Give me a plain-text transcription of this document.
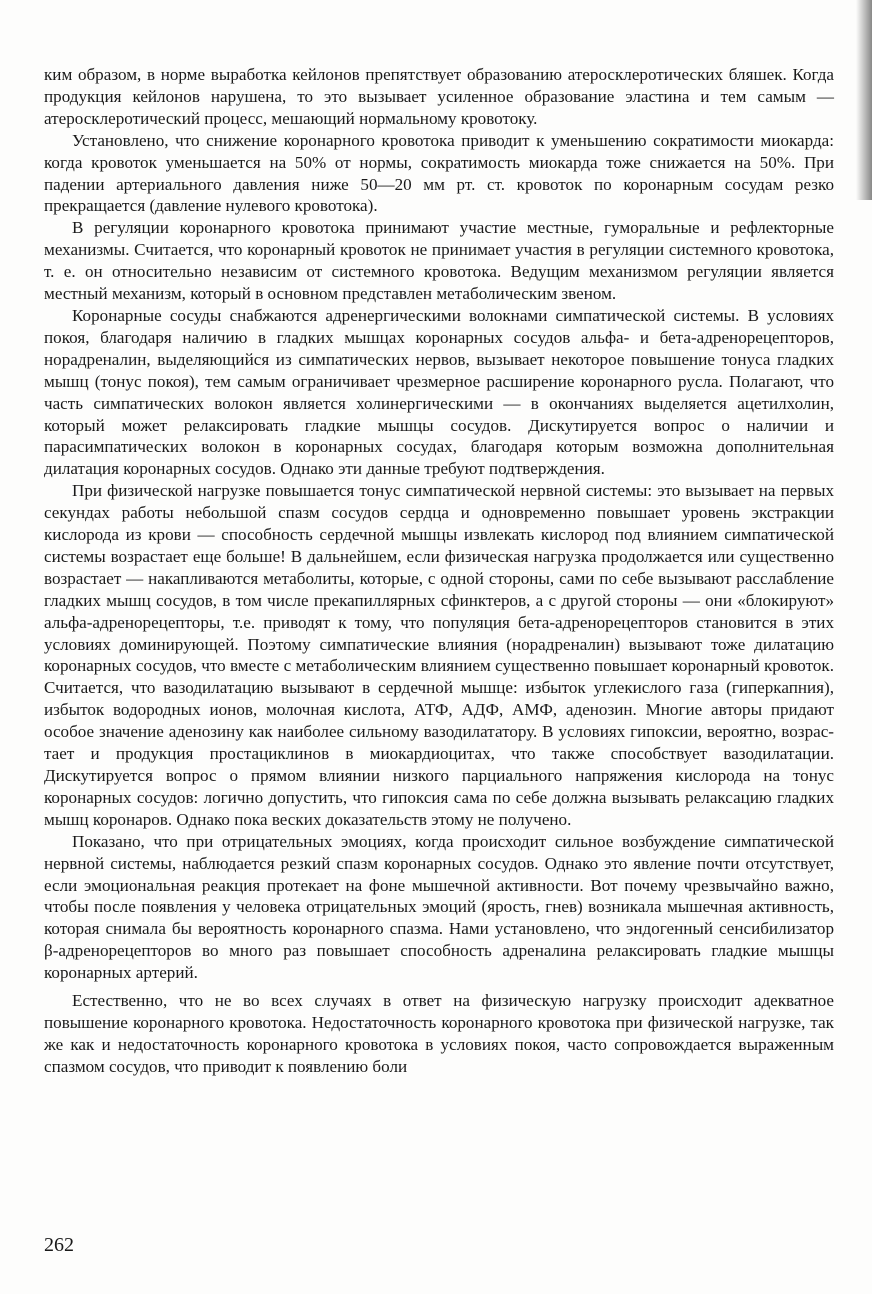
ким образом, в норме выработка кейлонов препятствует образованию атеросклеротических бляшек. Когда продукция кейлонов нарушена, то это вызывает усиленное образование эластина и тем самым — атеросклеротический процесс, мешающий нормальному кровотоку.

Установлено, что снижение коронарного кровотока приводит к уменьшению сократимости миокарда: когда кровоток уменьшается на 50% от нормы, сократимость миокарда тоже снижается на 50%. При падении артериального давления ниже 50—20 мм рт. ст. кровоток по коронарным сосудам резко прекращается (давление нулевого кровотока).

В регуляции коронарного кровотока принимают участие местные, гуморальные и рефлекторные механизмы. Считается, что коронарный кровоток не принимает участия в регуляции системного кровотока, т. е. он относительно независим от системного кровотока. Ведущим механизмом регуляции является местный механизм, который в основном представлен метаболическим звеном.

Коронарные сосуды снабжаются адренергическими волокнами симпатической системы. В условиях покоя, благодаря наличию в гладких мышцах коронарных сосудов альфа- и бета-адренорецепторов, норадреналин, выделяющийся из симпатических нервов, вызывает некоторое повышение тонуса гладких мышц (тонус покоя), тем самым ограничивает чрезмерное расширение коронарного русла. Полагают, что часть симпатических волокон является холинергическими — в окончаниях выделяется ацетилхолин, который может релаксировать гладкие мышцы сосудов. Дискутируется вопрос о наличии и парасимпатических волокон в коронарных сосудах, благодаря которым возможна дополнительная дилатация коронарных сосудов. Однако эти данные требуют подтверждения.

При физической нагрузке повышается тонус симпатической нервной системы: это вызывает на первых секундах работы небольшой спазм сосудов сердца и одновременно повышает уровень экстракции кислорода из крови — способность сердечной мышцы извлекать кислород под влиянием симпатической системы возрастает еще больше! В дальнейшем, если физическая нагрузка продолжается или существенно возрастает — накапливаются метаболиты, которые, с одной стороны, сами по себе вызывают расслабление гладких мышц сосудов, в том числе прекапиллярных сфинктеров, а с другой стороны — они «блокируют» альфа-адренорецепторы, т.е. приводят к тому, что популяция бета-адренорецепторов становится в этих условиях доминирующей. Поэтому симпатические влияния (норадреналин) вызывают тоже дилатацию коронарных сосудов, что вместе с метаболическим влиянием существенно повышает коронарный кровоток. Считается, что вазодилатацию вызывают в сердечной мышце: избыток углекислого газа (гиперкапния), избыток водородных ионов, молочная кислота, АТФ, АДФ, АМФ, аденозин. Многие авторы придают особое значение аденозину как наиболее сильному вазодилататору. В условиях гипоксии, вероятно, возрастает и продукция простациклинов в миокардиоцитах, что также способствует вазодилатации. Дискутируется вопрос о прямом влиянии низкого парциального напряжения кислорода на тонус коронарных сосудов: логично допустить, что гипоксия сама по себе должна вызывать релаксацию гладких мышц коронаров. Однако пока веских доказательств этому не получено.

Показано, что при отрицательных эмоциях, когда происходит сильное возбуждение симпатической нервной системы, наблюдается резкий спазм коронарных сосудов. Однако это явление почти отсутствует, если эмоциональная реакция протекает на фоне мышечной активности. Вот почему чрезвычайно важно, чтобы после появления у человека отрицательных эмоций (ярость, гнев) возникала мышечная активность, которая снимала бы вероятность коронарного спазма. Нами установлено, что эндогенный сенсибилизатор β-адренорецепторов во много раз повышает способность адреналина релаксировать гладкие мышцы коронарных артерий.

Естественно, что не во всех случаях в ответ на физическую нагрузку происходит адекватное повышение коронарного кровотока. Недостаточность коронарного кровотока при физической нагрузке, так же как и недостаточность коронарного кровотока в условиях покоя, часто сопровождается выраженным спазмом сосудов, что приводит к появлению боли

262
